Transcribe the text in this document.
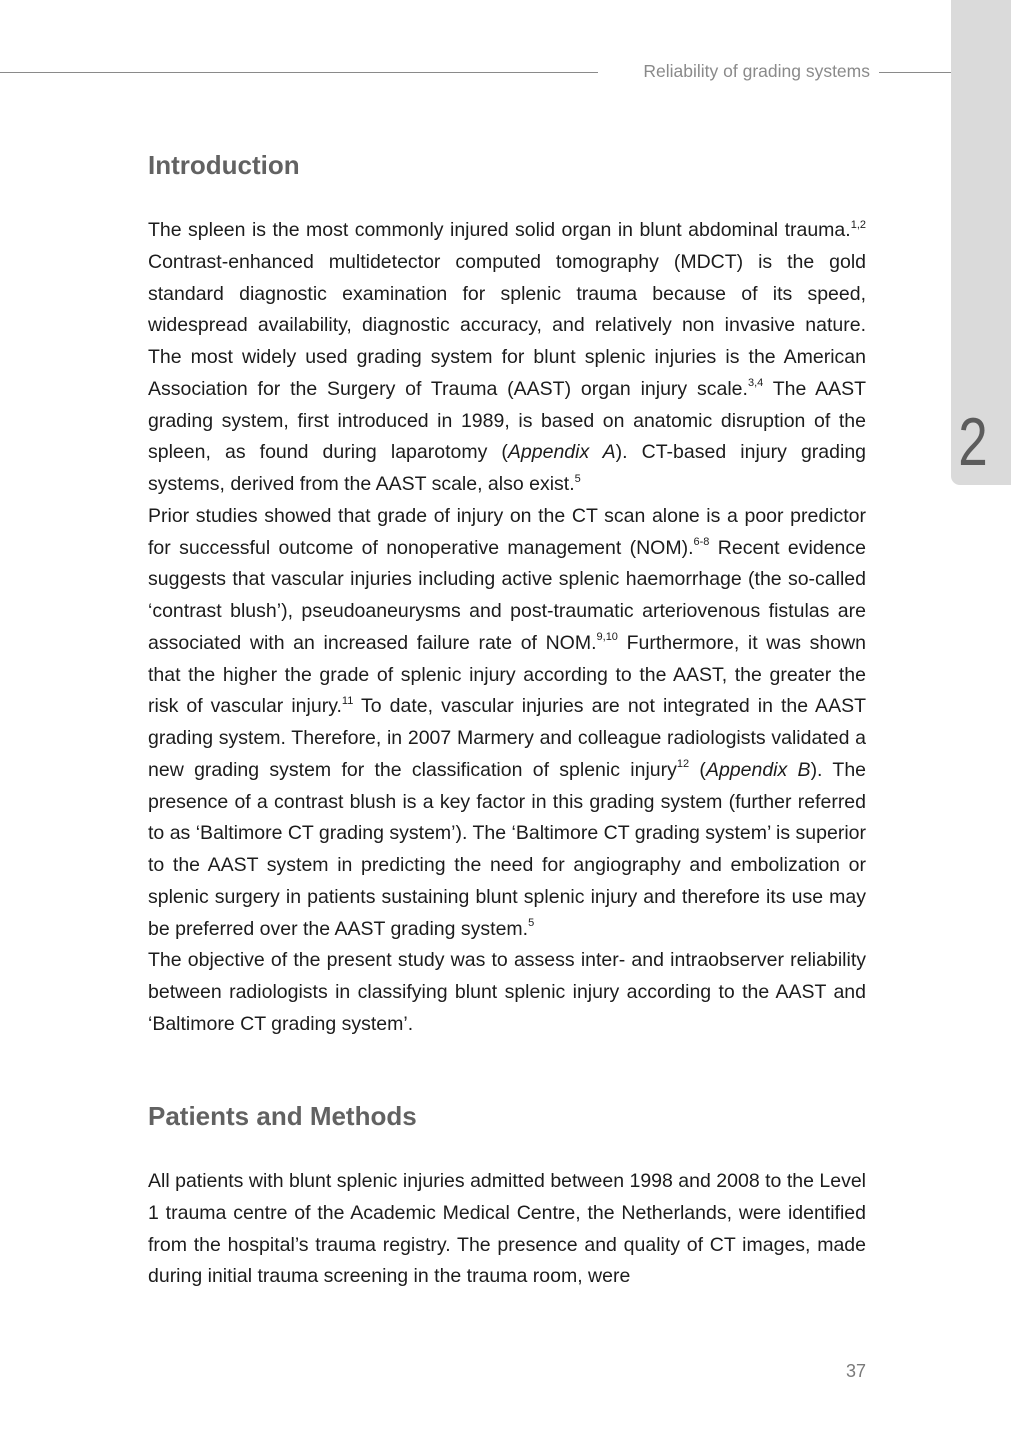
Reliability of grading systems
2
Introduction

The spleen is the most commonly injured solid organ in blunt abdominal trauma.$^{1,2}$ Contrast-enhanced multidetector computed tomography (MDCT) is the gold standard diagnostic examination for splenic trauma because of its speed, widespread availability, diagnostic accuracy, and relatively non invasive nature. The most widely used grading system for blunt splenic injuries is the American Association for the Surgery of Trauma (AAST) organ injury scale.$^{3,4}$ The AAST grading system, first introduced in 1989, is based on anatomic disruption of the spleen, as found during laparotomy (Appendix A). CT-based injury grading systems, derived from the AAST scale, also exist.$^5$

Prior studies showed that grade of injury on the CT scan alone is a poor predictor for successful outcome of nonoperative management (NOM).$^{6-8}$ Recent evidence suggests that vascular injuries including active splenic haemorrhage (the so-called ‘contrast blush’), pseudoaneurysms and post-traumatic arteriovenous fistulas are associated with an increased failure rate of NOM.$^{9,10}$ Furthermore, it was shown that the higher the grade of splenic injury according to the AAST, the greater the risk of vascular injury.$^{11}$ To date, vascular injuries are not integrated in the AAST grading system. Therefore, in 2007 Marmery and colleague radiologists validated a new grading system for the classification of splenic injury$^{12}$ (Appendix B). The presence of a contrast blush is a key factor in this grading system (further referred to as ‘Baltimore CT grading system’). The ‘Baltimore CT grading system’ is superior to the AAST system in predicting the need for angiography and embolization or splenic surgery in patients sustaining blunt splenic injury and therefore its use may be preferred over the AAST grading system.$^5$

The objective of the present study was to assess inter- and intraobserver reliability between radiologists in classifying blunt splenic injury according to the AAST and ‘Baltimore CT grading system’.

Patients and Methods

All patients with blunt splenic injuries admitted between 1998 and 2008 to the Level 1 trauma centre of the Academic Medical Centre, the Netherlands, were identified from the hospital’s trauma registry. The presence and quality of CT images, made during initial trauma screening in the trauma room, were

37
